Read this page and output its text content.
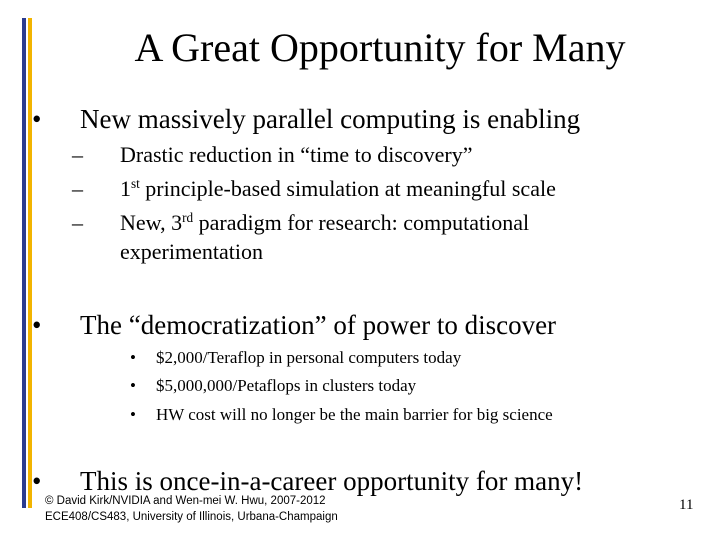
A Great Opportunity for Many
• New massively parallel computing is enabling
– Drastic reduction in “time to discovery”
– 1st principle-based simulation at meaningful scale
– New, 3rd paradigm for research: computational
experimentation
• The “democratization” of power to discover
• $2,000/Teraflop in personal computers today
• $5,000,000/Petaflops in clusters today
• HW cost will no longer be the main barrier for big science
• This is once-in-a-career opportunity for many!
© David Kirk/NVIDIA and Wen-mei W. Hwu, 2007-2012
ECE408/CS483, University of Illinois, Urbana-Champaign
11
